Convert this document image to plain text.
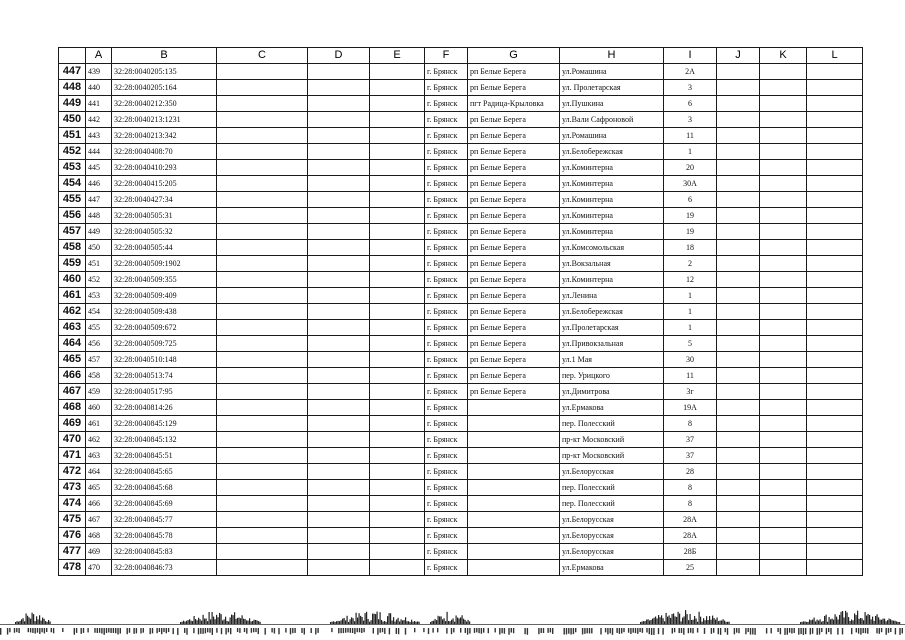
	A	B	C	D	E	F	G	H	I	J	K	L
447	439	32:28:0040205:135				г. Брянск	рп Белые Берега	ул.Ромашина	2А			
448	440	32:28:0040205:164				г. Брянск	рп Белые Берега	ул. Пролетарская	3			
449	441	32:28:0040212:350				г. Брянск	пгт Радица-Крыловка	ул.Пушкина	6			
450	442	32:28:0040213:1231				г. Брянск	рп Белые Берега	ул.Вали Сафроновой	3			
451	443	32:28:0040213:342				г. Брянск	рп Белые Берега	ул.Ромашина	11			
452	444	32:28:0040408:70				г. Брянск	рп Белые Берега	ул.Белобережская	1			
453	445	32:28:0040410:293				г. Брянск	рп Белые Берега	ул.Коминтерна	20			
454	446	32:28:0040415:205				г. Брянск	рп Белые Берега	ул.Коминтерна	30А			
455	447	32:28:0040427:34				г. Брянск	рп Белые Берега	ул.Коминтерна	6			
456	448	32:28:0040505:31				г. Брянск	рп Белые Берега	ул.Коминтерна	19			
457	449	32:28:0040505:32				г. Брянск	рп Белые Берега	ул.Коминтерна	19			
458	450	32:28:0040505:44				г. Брянск	рп Белые Берега	ул.Комсомольская	18			
459	451	32:28:0040509:1902				г. Брянск	рп Белые Берега	ул.Вокзальная	2			
460	452	32:28:0040509:355				г. Брянск	рп Белые Берега	ул.Коминтерна	12			
461	453	32:28:0040509:409				г. Брянск	рп Белые Берега	ул.Ленина	1			
462	454	32:28:0040509:438				г. Брянск	рп Белые Берега	ул.Белобережская	1			
463	455	32:28:0040509:672				г. Брянск	рп Белые Берега	ул.Пролетарская	1			
464	456	32:28:0040509:725				г. Брянск	рп Белые Берега	ул.Привокзальная	5			
465	457	32:28:0040510:148				г. Брянск	рп Белые Берега	ул.1 Мая	30			
466	458	32:28:0040513:74				г. Брянск	рп Белые Берега	пер. Урицкого	11			
467	459	32:28:0040517:95				г. Брянск	рп Белые Берега	ул.Димитрова	3г			
468	460	32:28:0040814:26				г. Брянск		ул.Ермакова	19А			
469	461	32:28:0040845:129				г. Брянск		пер. Полесский	8			
470	462	32:28:0040845:132				г. Брянск		пр-кт Московский	37			
471	463	32:28:0040845:51				г. Брянск		пр-кт Московский	37			
472	464	32:28:0040845:65				г. Брянск		ул.Белорусская	28			
473	465	32:28:0040845:68				г. Брянск		пер. Полесский	8			
474	466	32:28:0040845:69				г. Брянск		пер. Полесский	8			
475	467	32:28:0040845:77				г. Брянск		ул.Белорусская	28А			
476	468	32:28:0040845:78				г. Брянск		ул.Белорусская	28А			
477	469	32:28:0040845:83				г. Брянск		ул.Белорусская	28Б			
478	470	32:28:0040846:73				г. Брянск		ул.Ермакова	25			
